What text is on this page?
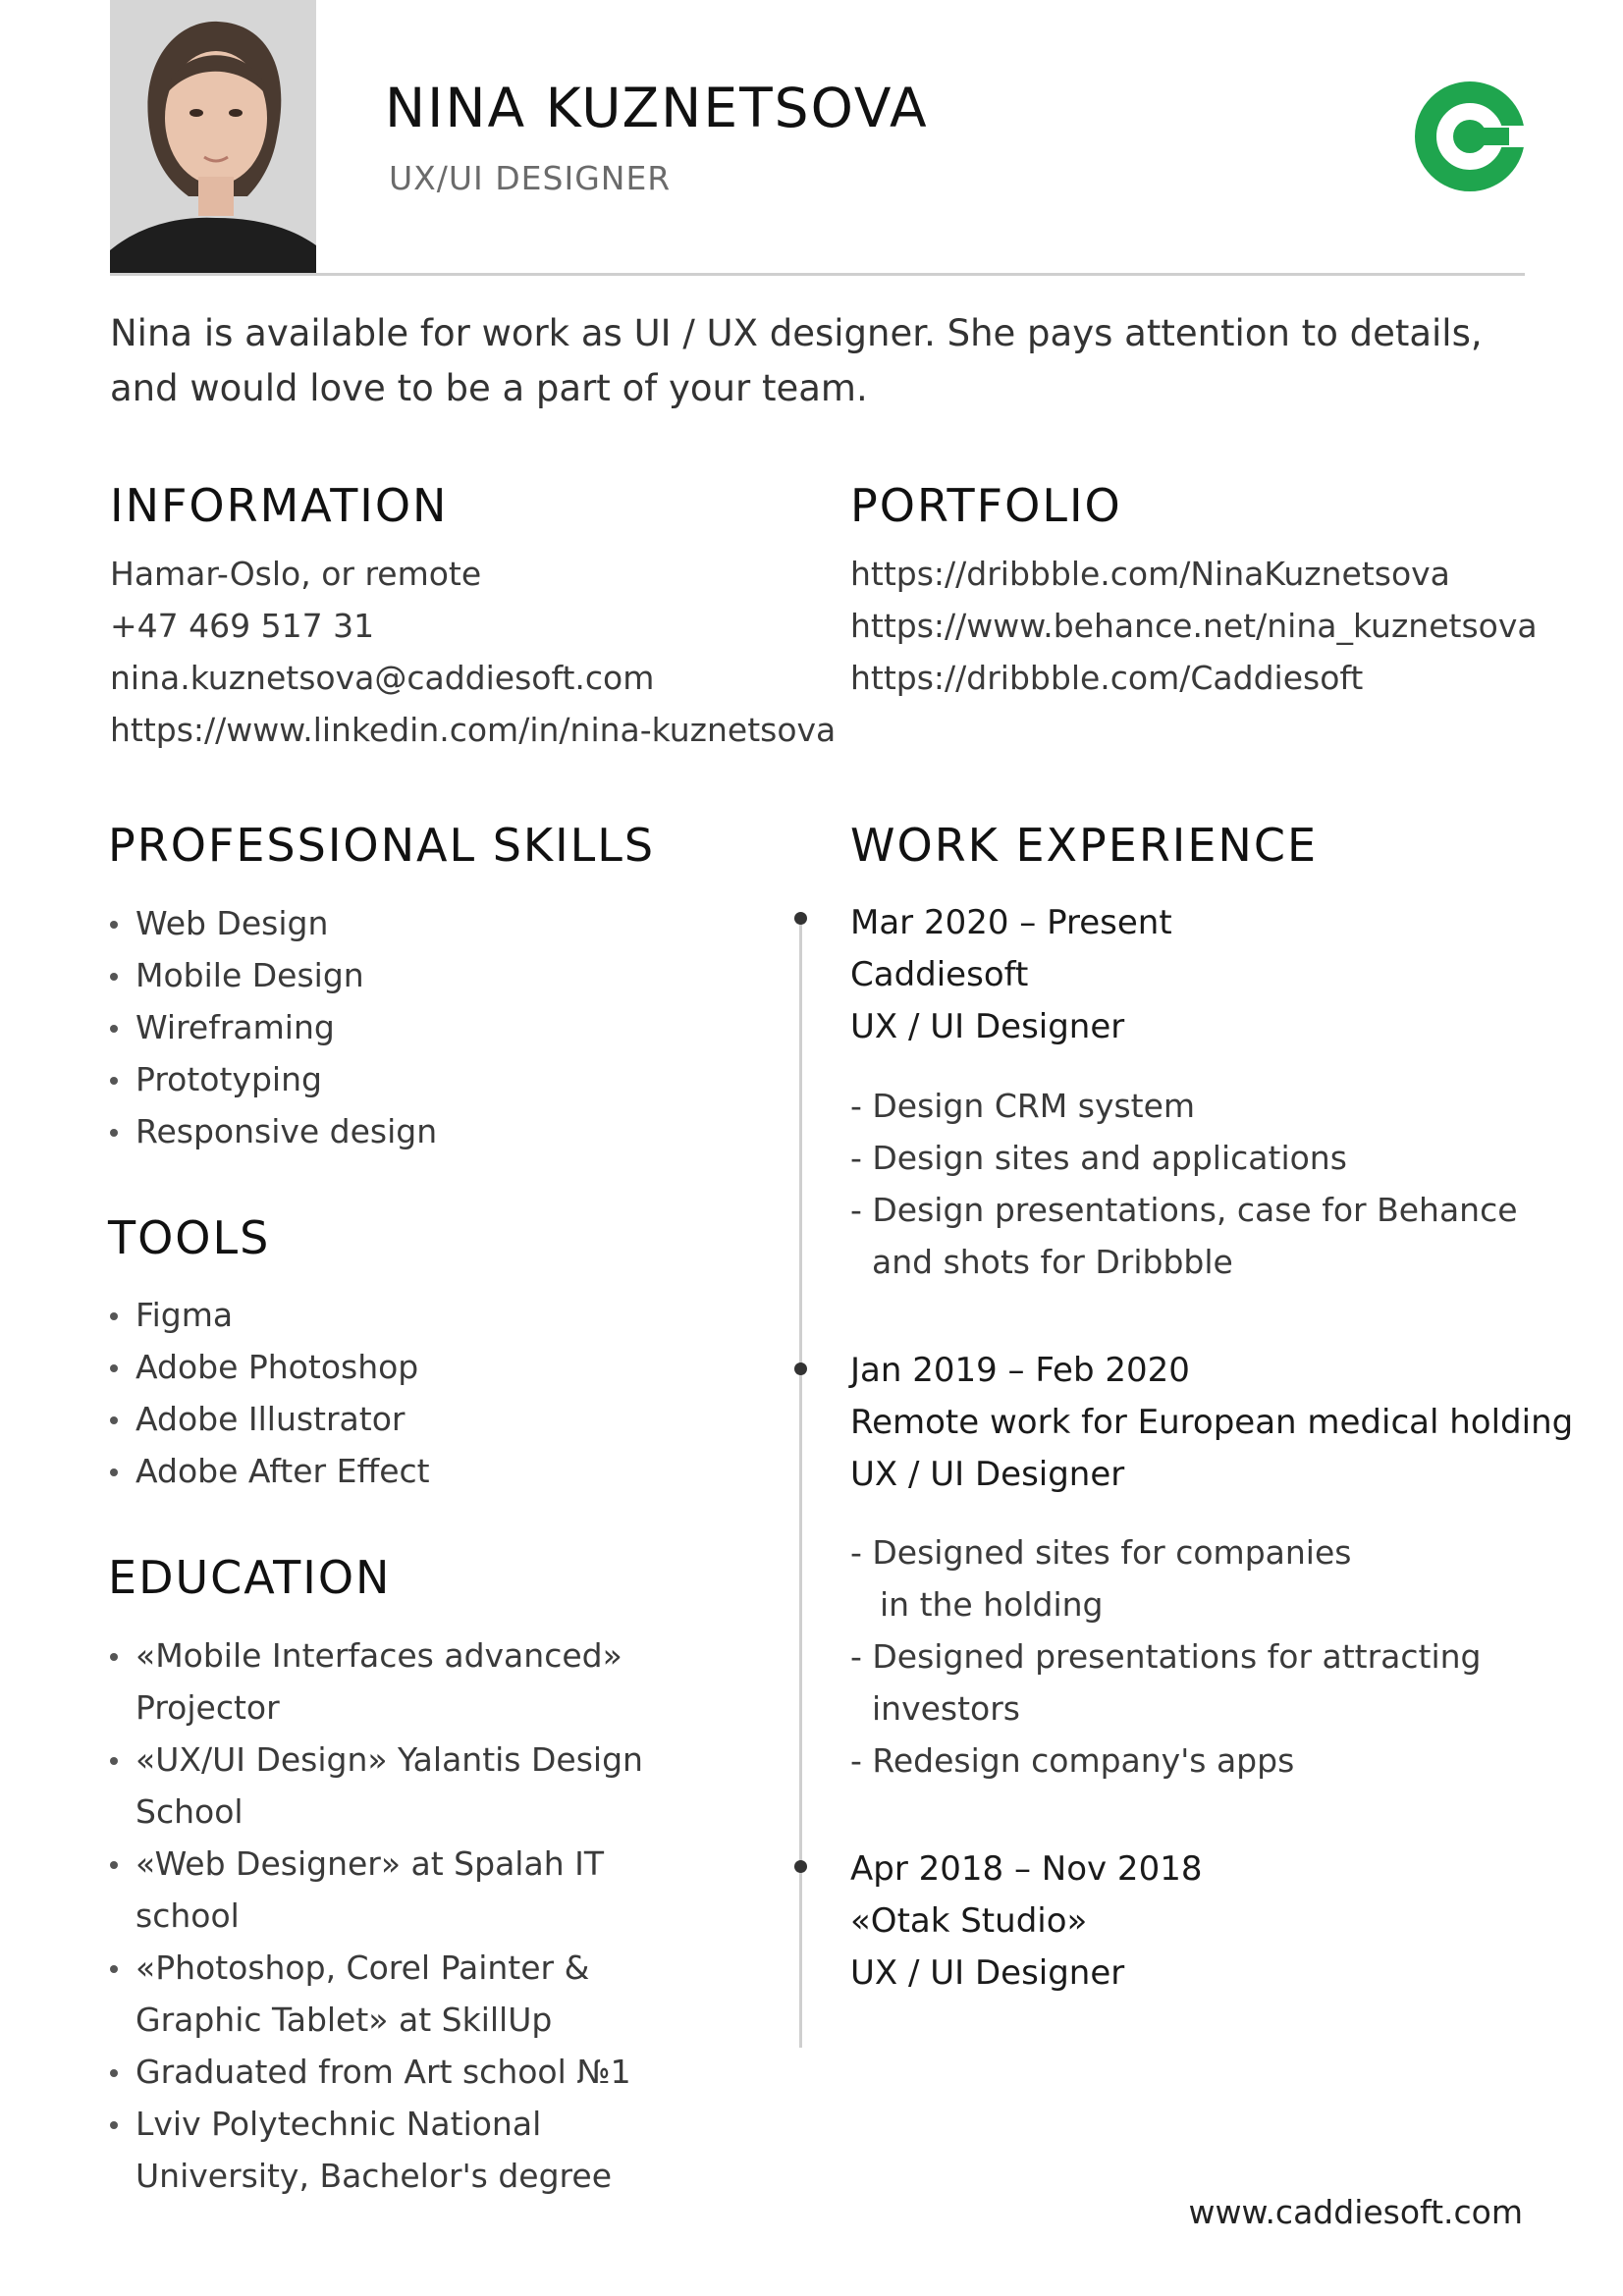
NINA KUZNETSOVA
UX/UI DESIGNER
Nina is available for work as UI / UX designer. She pays attention to details, and would love to be a part of your team.
INFORMATION
Hamar-Oslo, or remote
+47 469 517 31
nina.kuznetsova@caddiesoft.com
https://www.linkedin.com/in/nina-kuznetsova
PORTFOLIO
https://dribbble.com/NinaKuznetsova
https://www.behance.net/nina_kuznetsova
https://dribbble.com/Caddiesoft
PROFESSIONAL SKILLS
Web Design
Mobile Design
Wireframing
Prototyping
Responsive design
TOOLS
Figma
Adobe Photoshop
Adobe Illustrator
Adobe After Effect
EDUCATION
«Mobile Interfaces advanced» Projector
«UX/UI Design» Yalantis Design School
«Web Designer» at Spalah IT school
«Photoshop, Corel Painter & Graphic Tablet» at SkillUp
Graduated from Art school №1
Lviv Polytechnic National University, Bachelor's degree
WORK EXPERIENCE
Mar 2020 – Present
Caddiesoft
UX / UI Designer
- Design CRM system
- Design sites and applications
- Design presentations, case for Behance
and shots for Dribbble
Jan 2019 – Feb 2020
Remote work for European medical holding
UX / UI Designer
- Designed sites for companies
in the holding
- Designed presentations for attracting
investors
- Redesign company's apps
Apr 2018 – Nov 2018
«Otak Studio»
UX / UI Designer
www.caddiesoft.com
